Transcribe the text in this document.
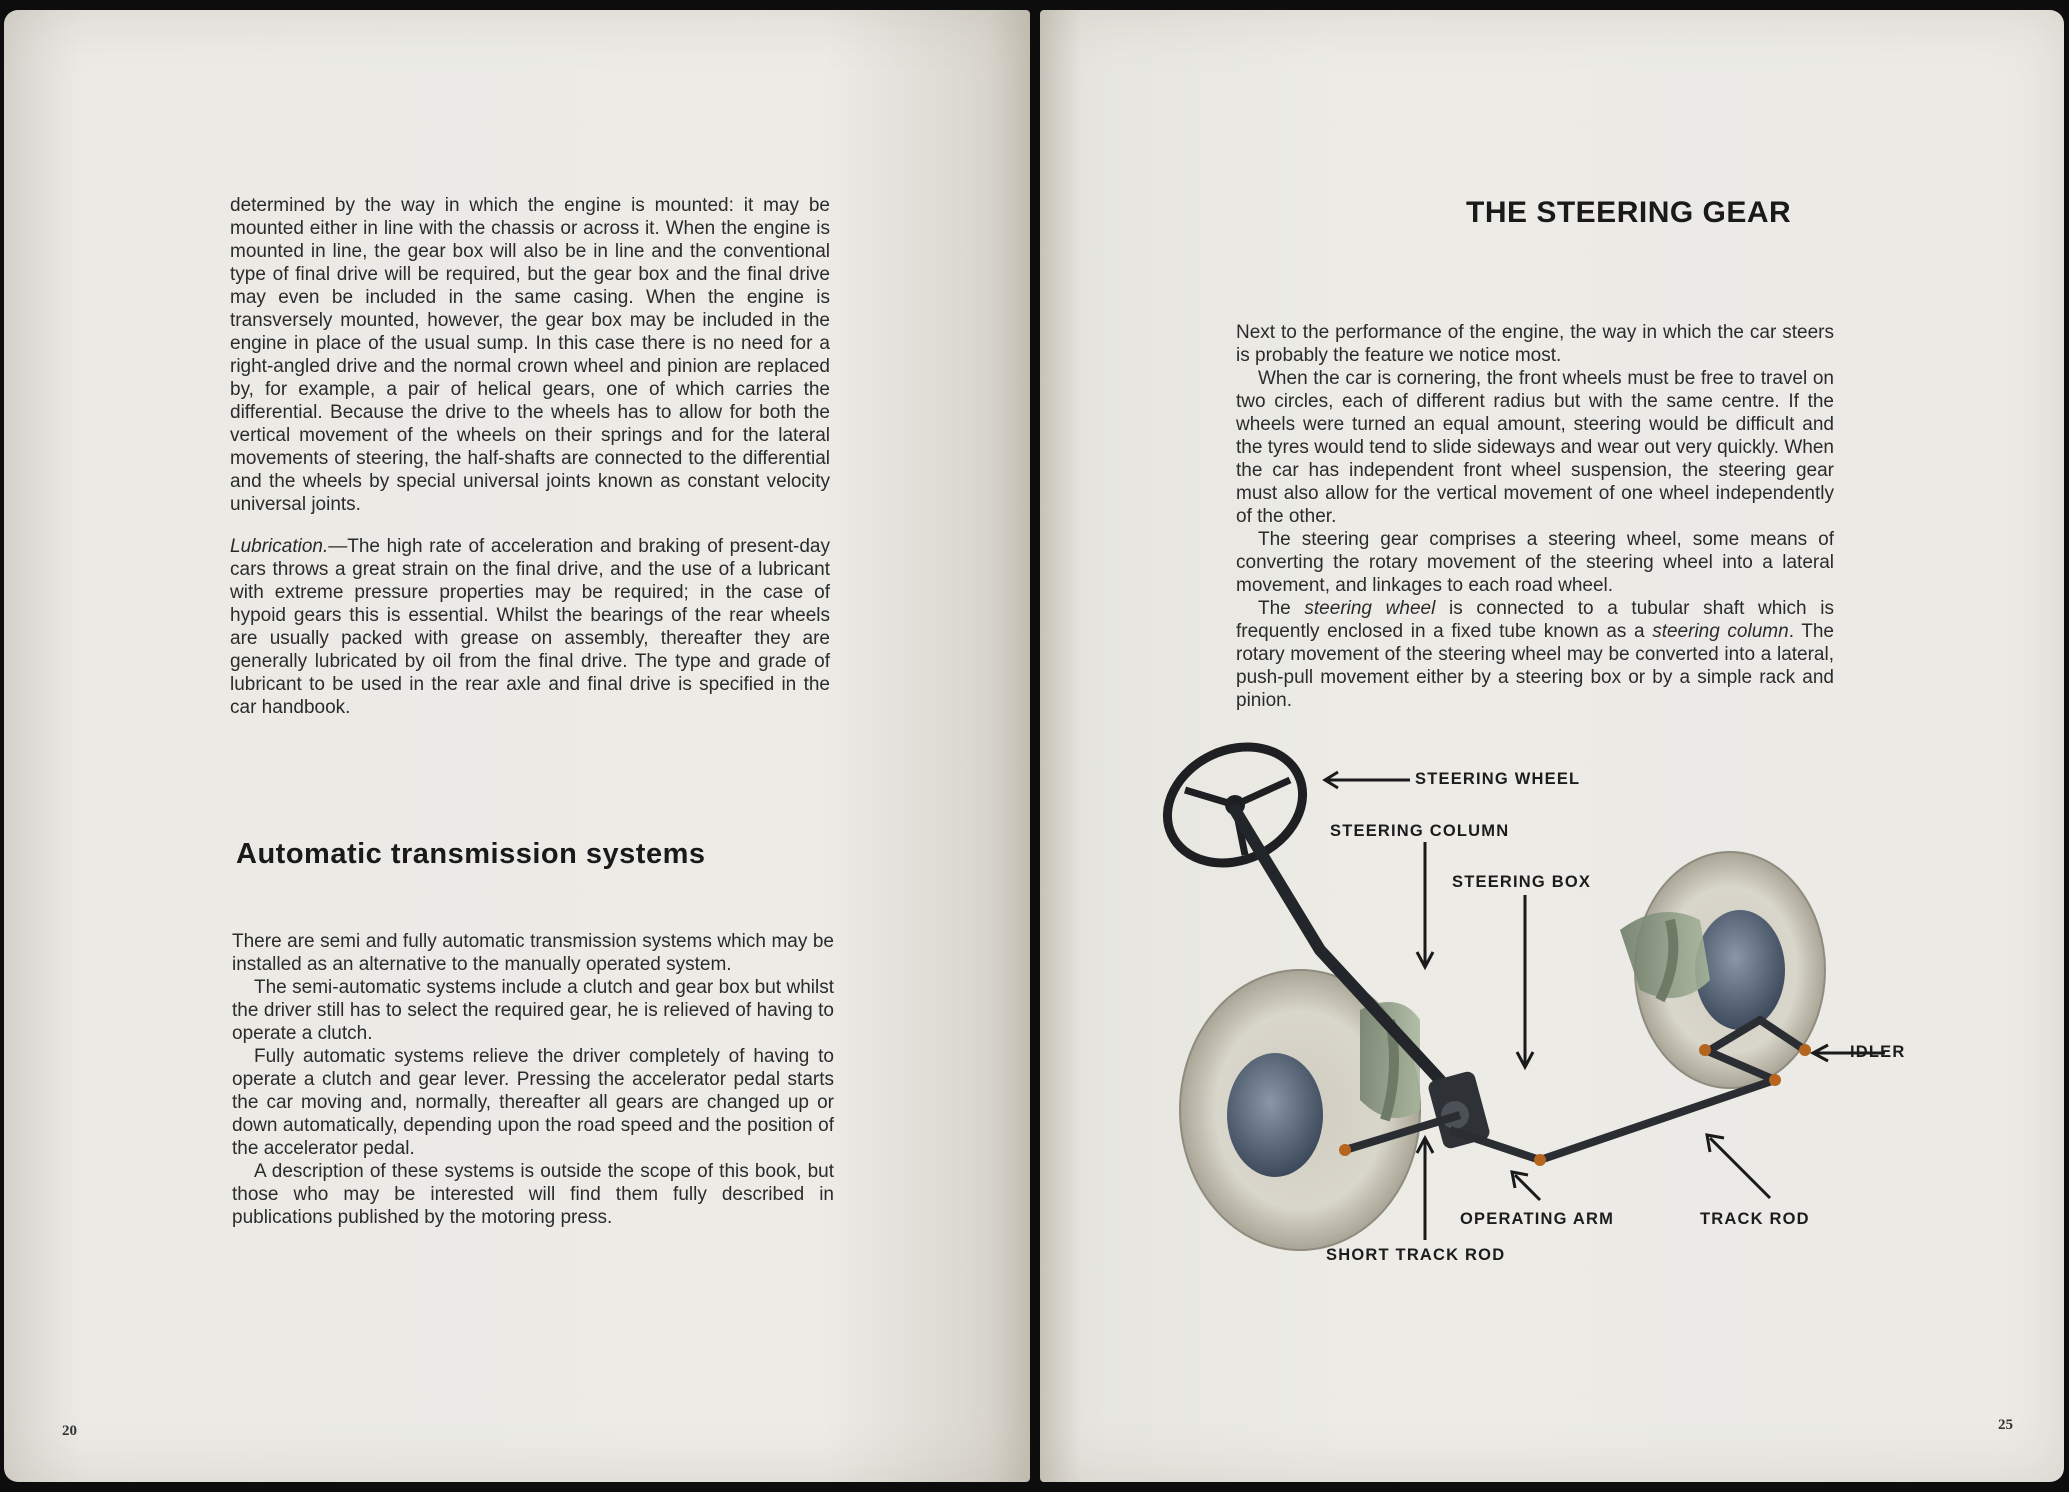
determined by the way in which the engine is mounted: it may be mounted either in line with the chassis or across it. When the engine is mounted in line, the gear box will also be in line and the conventional type of final drive will be required, but the gear box and the final drive may even be included in the same casing. When the engine is transversely mounted, however, the gear box may be included in the engine in place of the usual sump. In this case there is no need for a right-angled drive and the normal crown wheel and pinion are replaced by, for example, a pair of helical gears, one of which carries the differential. Because the drive to the wheels has to allow for both the vertical movement of the wheels on their springs and for the lateral movements of steering, the half-shafts are connected to the differential and the wheels by special universal joints known as constant velocity universal joints.

Lubrication.—The high rate of acceleration and braking of present-day cars throws a great strain on the final drive, and the use of a lubricant with extreme pressure properties may be required; in the case of hypoid gears this is essential. Whilst the bearings of the rear wheels are usually packed with grease on assembly, thereafter they are generally lubricated by oil from the final drive. The type and grade of lubricant to be used in the rear axle and final drive is specified in the car handbook.

Automatic transmission systems

There are semi and fully automatic transmission systems which may be installed as an alternative to the manually operated system.

The semi-automatic systems include a clutch and gear box but whilst the driver still has to select the required gear, he is relieved of having to operate a clutch.

Fully automatic systems relieve the driver completely of having to operate a clutch and gear lever. Pressing the accelerator pedal starts the car moving and, normally, thereafter all gears are changed up or down automatically, depending upon the road speed and the position of the accelerator pedal.

A description of these systems is outside the scope of this book, but those who may be interested will find them fully described in publications published by the motoring press.

20
THE STEERING GEAR

Next to the performance of the engine, the way in which the car steers is probably the feature we notice most.

When the car is cornering, the front wheels must be free to travel on two circles, each of different radius but with the same centre. If the wheels were turned an equal amount, steering would be difficult and the tyres would tend to slide sideways and wear out very quickly. When the car has independent front wheel suspension, the steering gear must also allow for the vertical movement of one wheel independently of the other.

The steering gear comprises a steering wheel, some means of converting the rotary movement of the steering wheel into a lateral movement, and linkages to each road wheel.

The steering wheel is connected to a tubular shaft which is frequently enclosed in a fixed tube known as a steering column. The rotary movement of the steering wheel may be converted into a lateral, push-pull movement either by a steering box or by a simple rack and pinion.

25
STEERING WHEEL
STEERING COLUMN
STEERING BOX
IDLER
OPERATING ARM	TRACK ROD
SHORT TRACK ROD
